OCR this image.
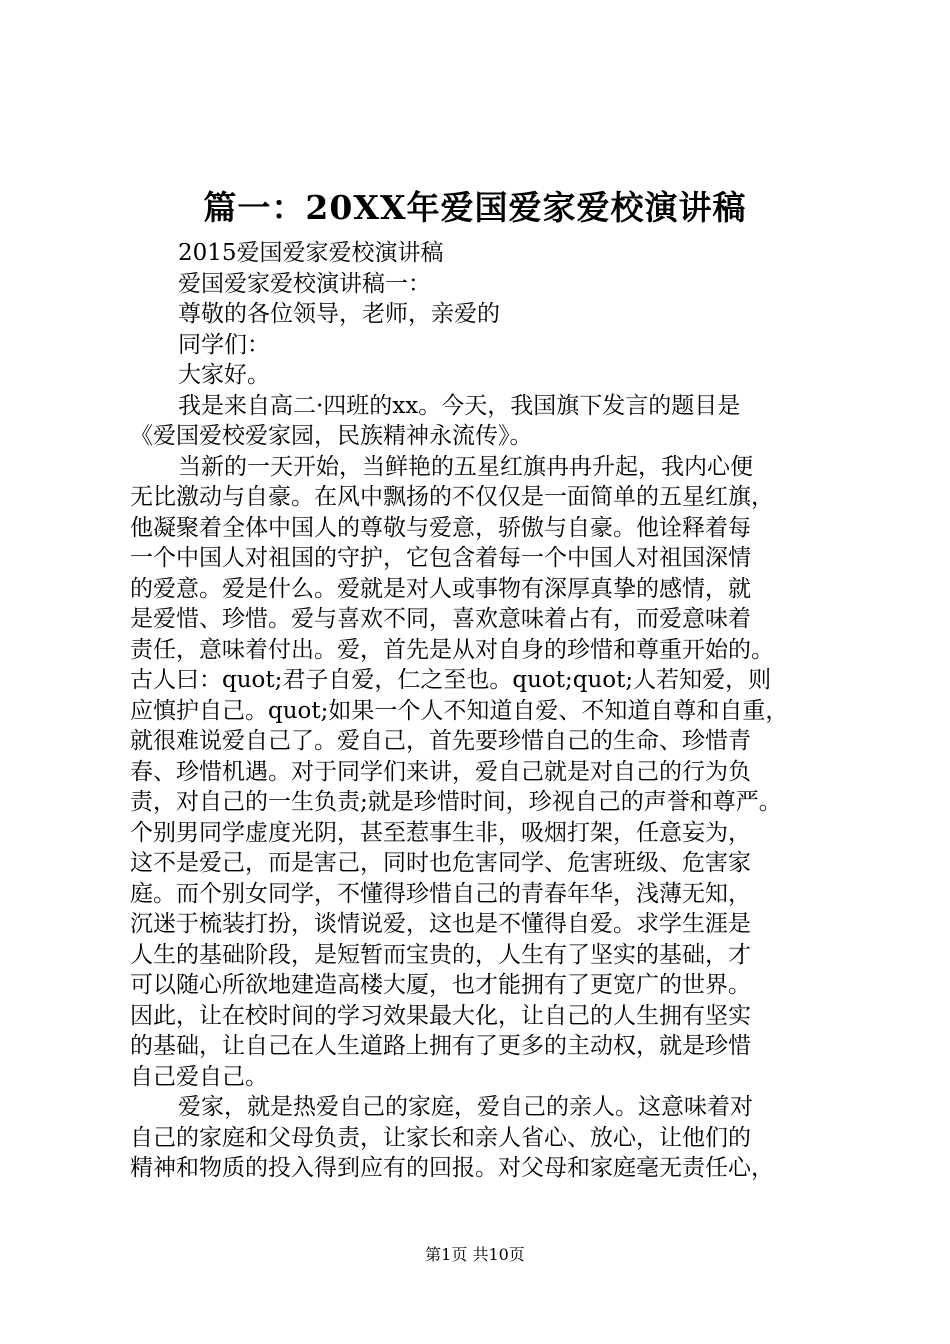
篇一：20XX年爱国爱家爱校演讲稿
2015爱国爱家爱校演讲稿
爱国爱家爱校演讲稿一：
尊敬的各位领导，老师，亲爱的
同学们：
大家好。
我是来自高二·四班的xx。今天，我国旗下发言的题目是
《爱国爱校爱家园，民族精神永流传》。
当新的一天开始，当鲜艳的五星红旗冉冉升起，我内心便
无比激动与自豪。在风中飘扬的不仅仅是一面简单的五星红旗，
他凝聚着全体中国人的尊敬与爱意，骄傲与自豪。他诠释着每
一个中国人对祖国的守护，它包含着每一个中国人对祖国深情
的爱意。爱是什么。爱就是对人或事物有深厚真挚的感情，就
是爱惜、珍惜。爱与喜欢不同，喜欢意味着占有，而爱意味着
责任，意味着付出。爱，首先是从对自身的珍惜和尊重开始的。
古人曰：quot;君子自爱，仁之至也。quot;quot;人若知爱，则
应慎护自己。quot;如果一个人不知道自爱、不知道自尊和自重，
就很难说爱自己了。爱自己，首先要珍惜自己的生命、珍惜青
春、珍惜机遇。对于同学们来讲，爱自己就是对自己的行为负
责，对自己的一生负责;就是珍惜时间，珍视自己的声誉和尊严。
个别男同学虚度光阴，甚至惹事生非，吸烟打架，任意妄为，
这不是爱己，而是害己，同时也危害同学、危害班级、危害家
庭。而个别女同学，不懂得珍惜自己的青春年华，浅薄无知，
沉迷于梳装打扮，谈情说爱，这也是不懂得自爱。求学生涯是
人生的基础阶段，是短暂而宝贵的，人生有了坚实的基础，才
可以随心所欲地建造高楼大厦，也才能拥有了更宽广的世界。
因此，让在校时间的学习效果最大化，让自己的人生拥有坚实
的基础，让自己在人生道路上拥有了更多的主动权，就是珍惜
自己爱自己。
爱家，就是热爱自己的家庭，爱自己的亲人。这意味着对
自己的家庭和父母负责，让家长和亲人省心、放心，让他们的
精神和物质的投入得到应有的回报。对父母和家庭毫无责任心，
第1页 共10页
